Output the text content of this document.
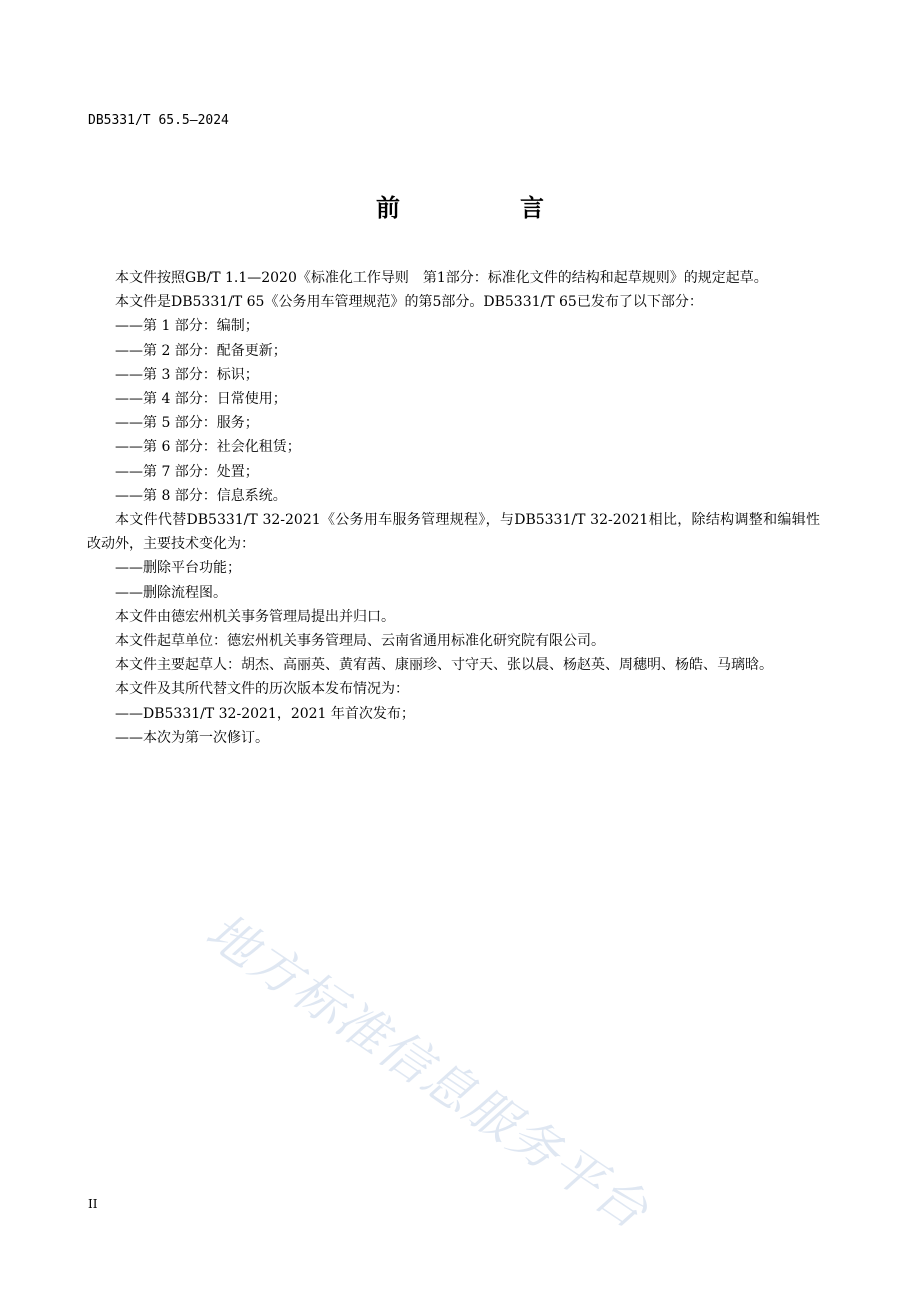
DB5331/T 65.5—2024
前　言

本文件按照GB/T 1.1—2020《标准化工作导则　第1部分：标准化文件的结构和起草规则》的规定起草。

本文件是DB5331/T 65《公务用车管理规范》的第5部分。DB5331/T 65已发布了以下部分：

——第 1 部分：编制；

——第 2 部分：配备更新；

——第 3 部分：标识；

——第 4 部分：日常使用；

——第 5 部分：服务；

——第 6 部分：社会化租赁；

——第 7 部分：处置；

——第 8 部分：信息系统。

本文件代替DB5331/T 32-2021《公务用车服务管理规程》，与DB5331/T 32-2021相比，除结构调整和编辑性改动外，主要技术变化为：

——删除平台功能；

——删除流程图。

本文件由德宏州机关事务管理局提出并归口。

本文件起草单位：德宏州机关事务管理局、云南省通用标准化研究院有限公司。

本文件主要起草人：胡杰、高丽英、黄宥茜、康丽珍、寸守天、张以晨、杨赵英、周穗明、杨皓、马璃晗。

本文件及其所代替文件的历次版本发布情况为：

——DB5331/T 32-2021，2021 年首次发布；

——本次为第一次修订。

地方标准信息服务平台
II
